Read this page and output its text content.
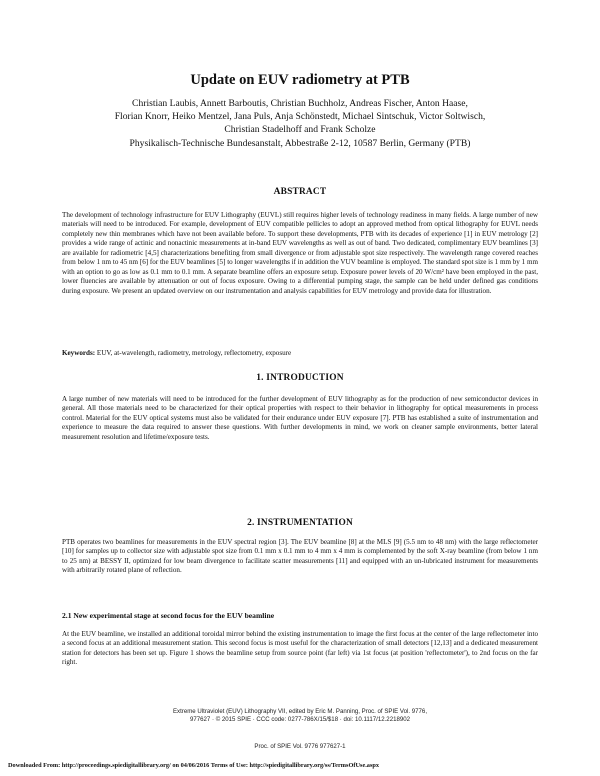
Update on EUV radiometry at PTB
Christian Laubis, Annett Barboutis, Christian Buchholz, Andreas Fischer, Anton Haase,
Florian Knorr, Heiko Mentzel, Jana Puls, Anja Schönstedt, Michael Sintschuk, Victor Soltwisch,
Christian Stadelhoff and Frank Scholze
Physikalisch-Technische Bundesanstalt, Abbestraße 2-12, 10587 Berlin, Germany (PTB)
ABSTRACT

The development of technology infrastructure for EUV Lithography (EUVL) still requires higher levels of technology readiness in many fields. A large number of new materials will need to be introduced. For example, development of EUV compatible pellicles to adopt an approved method from optical lithography for EUVL needs completely new thin membranes which have not been available before. To support these developments, PTB with its decades of experience [1] in EUV metrology [2] provides a wide range of actinic and nonactinic measurements at in-band EUV wavelengths as well as out of band. Two dedicated, complimentary EUV beamlines [3] are available for radiometric [4,5] characterizations benefiting from small divergence or from adjustable spot size respectively. The wavelength range covered reaches from below 1 nm to 45 nm [6] for the EUV beamlines [5] to longer wavelengths if in addition the VUV beamline is employed. The standard spot size is 1 mm by 1 mm with an option to go as low as 0.1 mm to 0.1 mm. A separate beamline offers an exposure setup. Exposure power levels of 20 W/cm² have been employed in the past, lower fluencies are available by attenuation or out of focus exposure. Owing to a differential pumping stage, the sample can be held under defined gas conditions during exposure. We present an updated overview on our instrumentation and analysis capabilities for EUV metrology and provide data for illustration.

Keywords: EUV, at-wavelength, radiometry, metrology, reflectometry, exposure
1. INTRODUCTION

A large number of new materials will need to be introduced for the further development of EUV lithography as for the production of new semiconductor devices in general. All those materials need to be characterized for their optical properties with respect to their behavior in lithography for optical measurements in process control. Material for the EUV optical systems must also be validated for their endurance under EUV exposure [7]. PTB has established a suite of instrumentation and experience to measure the data required to answer these questions. With further developments in mind, we work on cleaner sample environments, better lateral measurement resolution and lifetime/exposure tests.

2. INSTRUMENTATION

PTB operates two beamlines for measurements in the EUV spectral region [3]. The EUV beamline [8] at the MLS [9] (5.5 nm to 48 nm) with the large reflectometer [10] for samples up to collector size with adjustable spot size from 0.1 mm x 0.1 mm to 4 mm x 4 mm is complemented by the soft X-ray beamline (from below 1 nm to 25 nm) at BESSY II, optimized for low beam divergence to facilitate scatter measurements [11] and equipped with an un-lubricated instrument for measurements with arbitrarily rotated plane of reflection.

2.1 New experimental stage at second focus for the EUV beamline

At the EUV beamline, we installed an additional toroidal mirror behind the existing instrumentation to image the first focus at the center of the large reflectometer into a second focus at an additional measurement station. This second focus is most useful for the characterization of small detectors [12,13] and a dedicated measurement station for detectors has been set up. Figure 1 shows the beamline setup from source point (far left) via 1st focus (at position 'reflectometer'), to 2nd focus on the far right.

Extreme Ultraviolet (EUV) Lithography VII, edited by Eric M. Panning, Proc. of SPIE Vol. 9776,
977627 · © 2015 SPIE · CCC code: 0277-786X/15/$18 · doi: 10.1117/12.2218902
Proc. of SPIE Vol. 9776 977627-1
Downloaded From: http://proceedings.spiedigitallibrary.org/ on 04/06/2016 Terms of Use: http://spiedigitallibrary.org/ss/TermsOfUse.aspx
